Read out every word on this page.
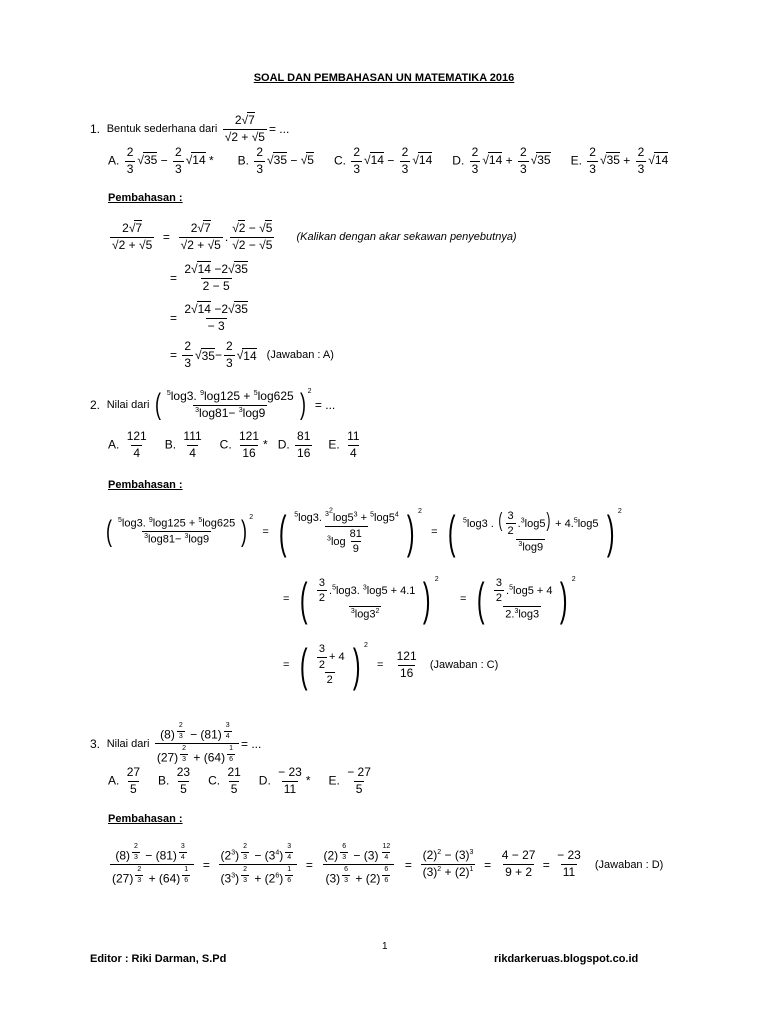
SOAL DAN PEMBAHASAN UN MATEMATIKA 2016
1.
Bentuk sederhana dari
$\frac{2√7}{√2 + √5}$ = ...
A. $\frac{2}{3} √35 - \frac{2}{3} √14 * B$. $\frac{2}{3} √35 - √5$ C. $\frac{2}{3} √14 - \frac{2}{3} √14$ D. $\frac{2}{3} √14 + \frac{2}{3} √35$ E. $\frac{2}{3} √35 + \frac{2}{3} √14$
Pembahasan :
$\frac{2√7}{√2 + √5} = \frac{2√7}{√2 + √5}$ . $\frac{√2 - √5}{√2 - √5}$
(Kalikan dengan akar sekawan penyebutnya)
= $\frac{2√14 -2√35}{2 - 5}$
= $\frac{2√14 -2√35}{- 3}$
= $\frac{2}{3}$ √ $35 - \frac{2}{3}$ √ 14
(Jawaban : A)
2.
Nilai dari
( $\frac{^5\log 3. ^9\log 125 + ^5\log 625}{^3\log 81- ^3\log 9}$ ) $^2$

= ...
A. $\frac{121}{4} B$. $\frac{111}{4} C$. $\frac{121}{16}$ * D. $\frac{81}{16} E$. $\frac{11}{4}$
Pembahasan :
( $\frac{^5\log 3. ^9\log 125 + ^5\log 625}{^3\log 81- ^3\log 9}$ ) $^2$
= ( $\frac{^5\log 3. ^{3^2}\log 5^3 + ^5\log 5^4}{^3\log \frac{81}{9}}$ ) $^2$
= ( $\frac{^5\log 3 . ( \frac{3}{2} .^3\log 5) + 4.^5\log 5}{^3\log 9}$ ) $^2$
= ( $\frac{\frac{3}{2} .^5\log 3. ^3\log 5 + 4.1}{^3\log 3^2}$ ) $^2$
= ( $\frac{\frac{3}{2} .^5\log 5 + 4}{2.^3\log 3}$ ) $^2$
= ( $\frac{\frac{3}{2} + 4}{2}$ ) $^2$
= $\frac{121}{16}$
(Jawaban : C)
3.
Nilai dari
(8) $^{\frac{2}{3}}$ − (81) $^{\frac{3}{4}}$
(27) $^{\frac{2}{3}}$ + (64) $^{\frac{1}{6}}$ = ...
A. $\frac{27}{5} B$. $\frac{23}{5} C$. $\frac{21}{5} D$. $\frac{- 23}{11}$ * E. $\frac{- 27}{5}$
Pembahasan :
(8) $^{\frac{2}{3}}$ − (81) $^{\frac{3}{4}}$
(27) $^{\frac{2}{3}}$ + (64) $^{\frac{1}{6}} = (2^3) ^{\frac{2}{3}} - (3^4)$ $^{\frac{3}{4}}$
$(3^3) ^{\frac{2}{3}} + (2^6) ^{\frac{1}{6}} = (2) ^{\frac{6}{3}} - (3)$ $^{\frac{12}{4}}$
(3) $^{\frac{6}{3}}$ + (2) $^{\frac{6}{6}} = \frac{(2)^2 - (3)^3}{(3)^2 + (2)^1} = \frac{4 - 27}{9 + 2} = \frac{- 23}{11}$
(Jawaban : D)
1
Editor : Riki Darman, S.Pd	rikdarkeruas.blogspot.co.id
